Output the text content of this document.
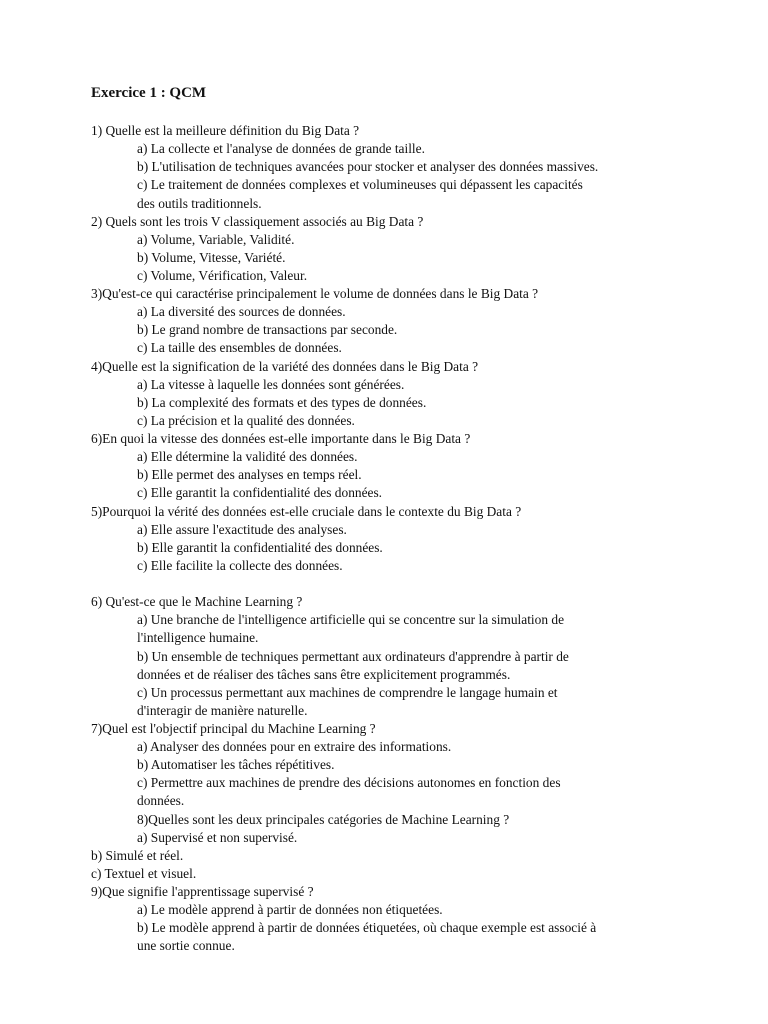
Exercice 1 : QCM
1) Quelle est la meilleure définition du Big Data ?
a) La collecte et l'analyse de données de grande taille.
b) L'utilisation de techniques avancées pour stocker et analyser des données massives.
c) Le traitement de données complexes et volumineuses qui dépassent les capacités
des outils traditionnels.
2) Quels sont les trois V classiquement associés au Big Data ?
a) Volume, Variable, Validité.
b) Volume, Vitesse, Variété.
c) Volume, Vérification, Valeur.
3)Qu'est-ce qui caractérise principalement le volume de données dans le Big Data ?
a) La diversité des sources de données.
b) Le grand nombre de transactions par seconde.
c) La taille des ensembles de données.
4)Quelle est la signification de la variété des données dans le Big Data ?
a) La vitesse à laquelle les données sont générées.
b) La complexité des formats et des types de données.
c) La précision et la qualité des données.
6)En quoi la vitesse des données est-elle importante dans le Big Data ?
a) Elle détermine la validité des données.
b) Elle permet des analyses en temps réel.
c) Elle garantit la confidentialité des données.
5)Pourquoi la vérité des données est-elle cruciale dans le contexte du Big Data ?
a) Elle assure l'exactitude des analyses.
b) Elle garantit la confidentialité des données.
c) Elle facilite la collecte des données.
6) Qu'est-ce que le Machine Learning ?
a) Une branche de l'intelligence artificielle qui se concentre sur la simulation de
l'intelligence humaine.
b) Un ensemble de techniques permettant aux ordinateurs d'apprendre à partir de
données et de réaliser des tâches sans être explicitement programmés.
c) Un processus permettant aux machines de comprendre le langage humain et
d'interagir de manière naturelle.
7)Quel est l'objectif principal du Machine Learning ?
a) Analyser des données pour en extraire des informations.
b) Automatiser les tâches répétitives.
c) Permettre aux machines de prendre des décisions autonomes en fonction des
données.
8)Quelles sont les deux principales catégories de Machine Learning ?
a) Supervisé et non supervisé.
b) Simulé et réel.
c) Textuel et visuel.
9)Que signifie l'apprentissage supervisé ?
a) Le modèle apprend à partir de données non étiquetées.
b) Le modèle apprend à partir de données étiquetées, où chaque exemple est associé à
une sortie connue.
